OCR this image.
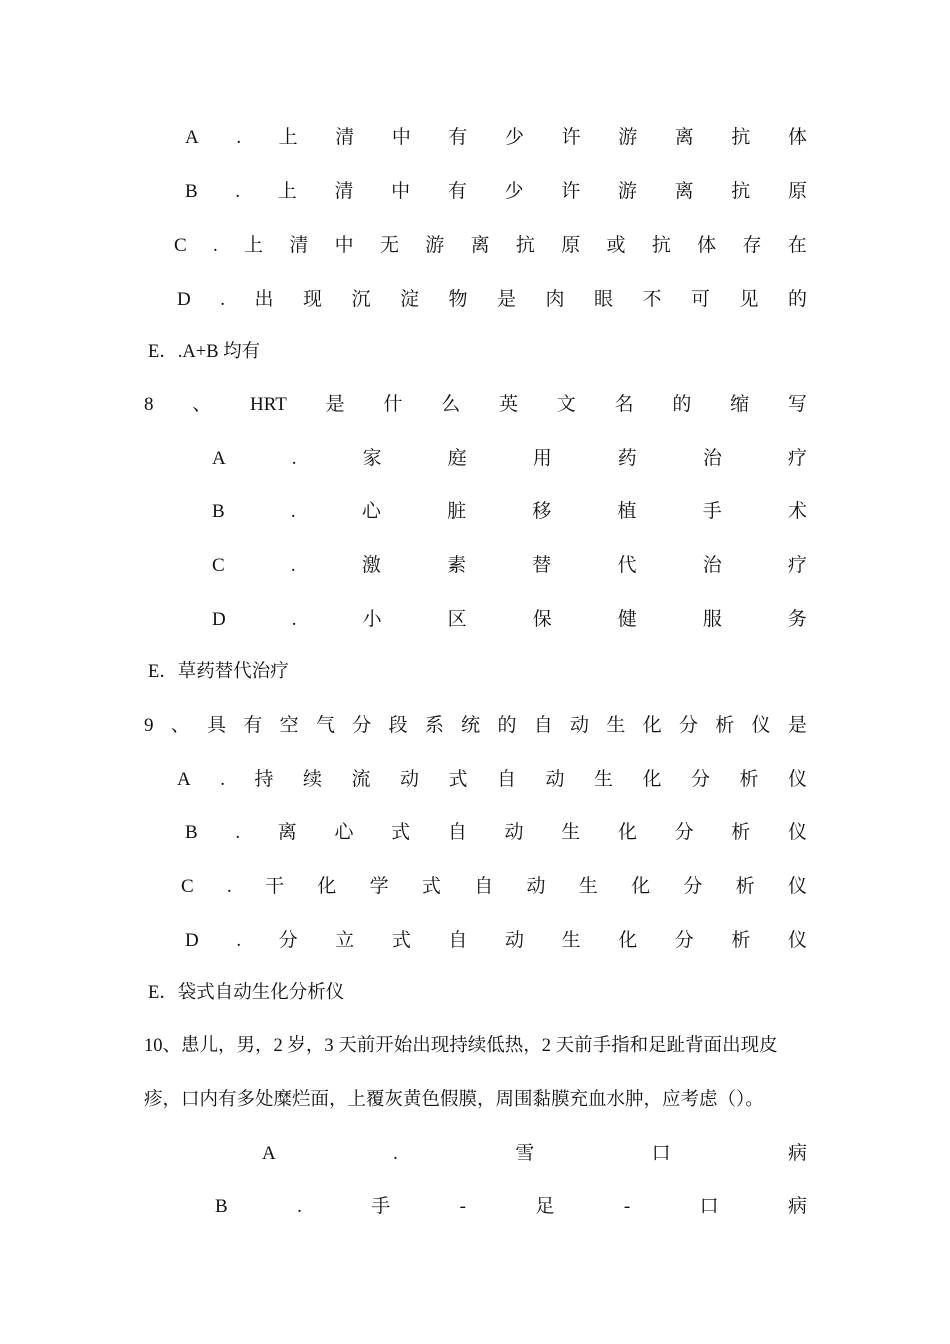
A . 上 清 中 有 少 许 游 离 抗 体
B . 上 清 中 有 少 许 游 离 抗 原
C . 上 清 中 无 游 离 抗 原 或 抗 体 存 在
D . 出 现 沉 淀 物 是 肉 眼 不 可 见 的
E．.A+B 均有
8 、 HRT 是 什 么 英 文 名 的 缩 写
A	.	家	庭	用	药	治	疗
B	.	心	脏	移	植	手	术
C	.	激	素	替	代	治	疗
D	.	小	区	保	健	服	务
E．草药替代治疗
9 、 具 有 空 气 分 段 系 统 的 自 动 生 化 分 析 仪 是
A . 持 续 流 动 式 自 动 生 化 分 析 仪
B . 离 心 式 自 动 生 化 分 析 仪
C . 干 化 学 式 自 动 生 化 分 析 仪
D . 分 立 式 自 动 生 化 分 析 仪
E．袋式自动生化分析仪
10、患儿，男，2 岁，3 天前开始出现持续低热，2 天前手指和足趾背面出现皮
疹，口内有多处糜烂面，上覆灰黄色假膜，周围黏膜充血水肿，应考虑（）。
A	.	雪	口	病
B	.	手	-	足	-	口	病
